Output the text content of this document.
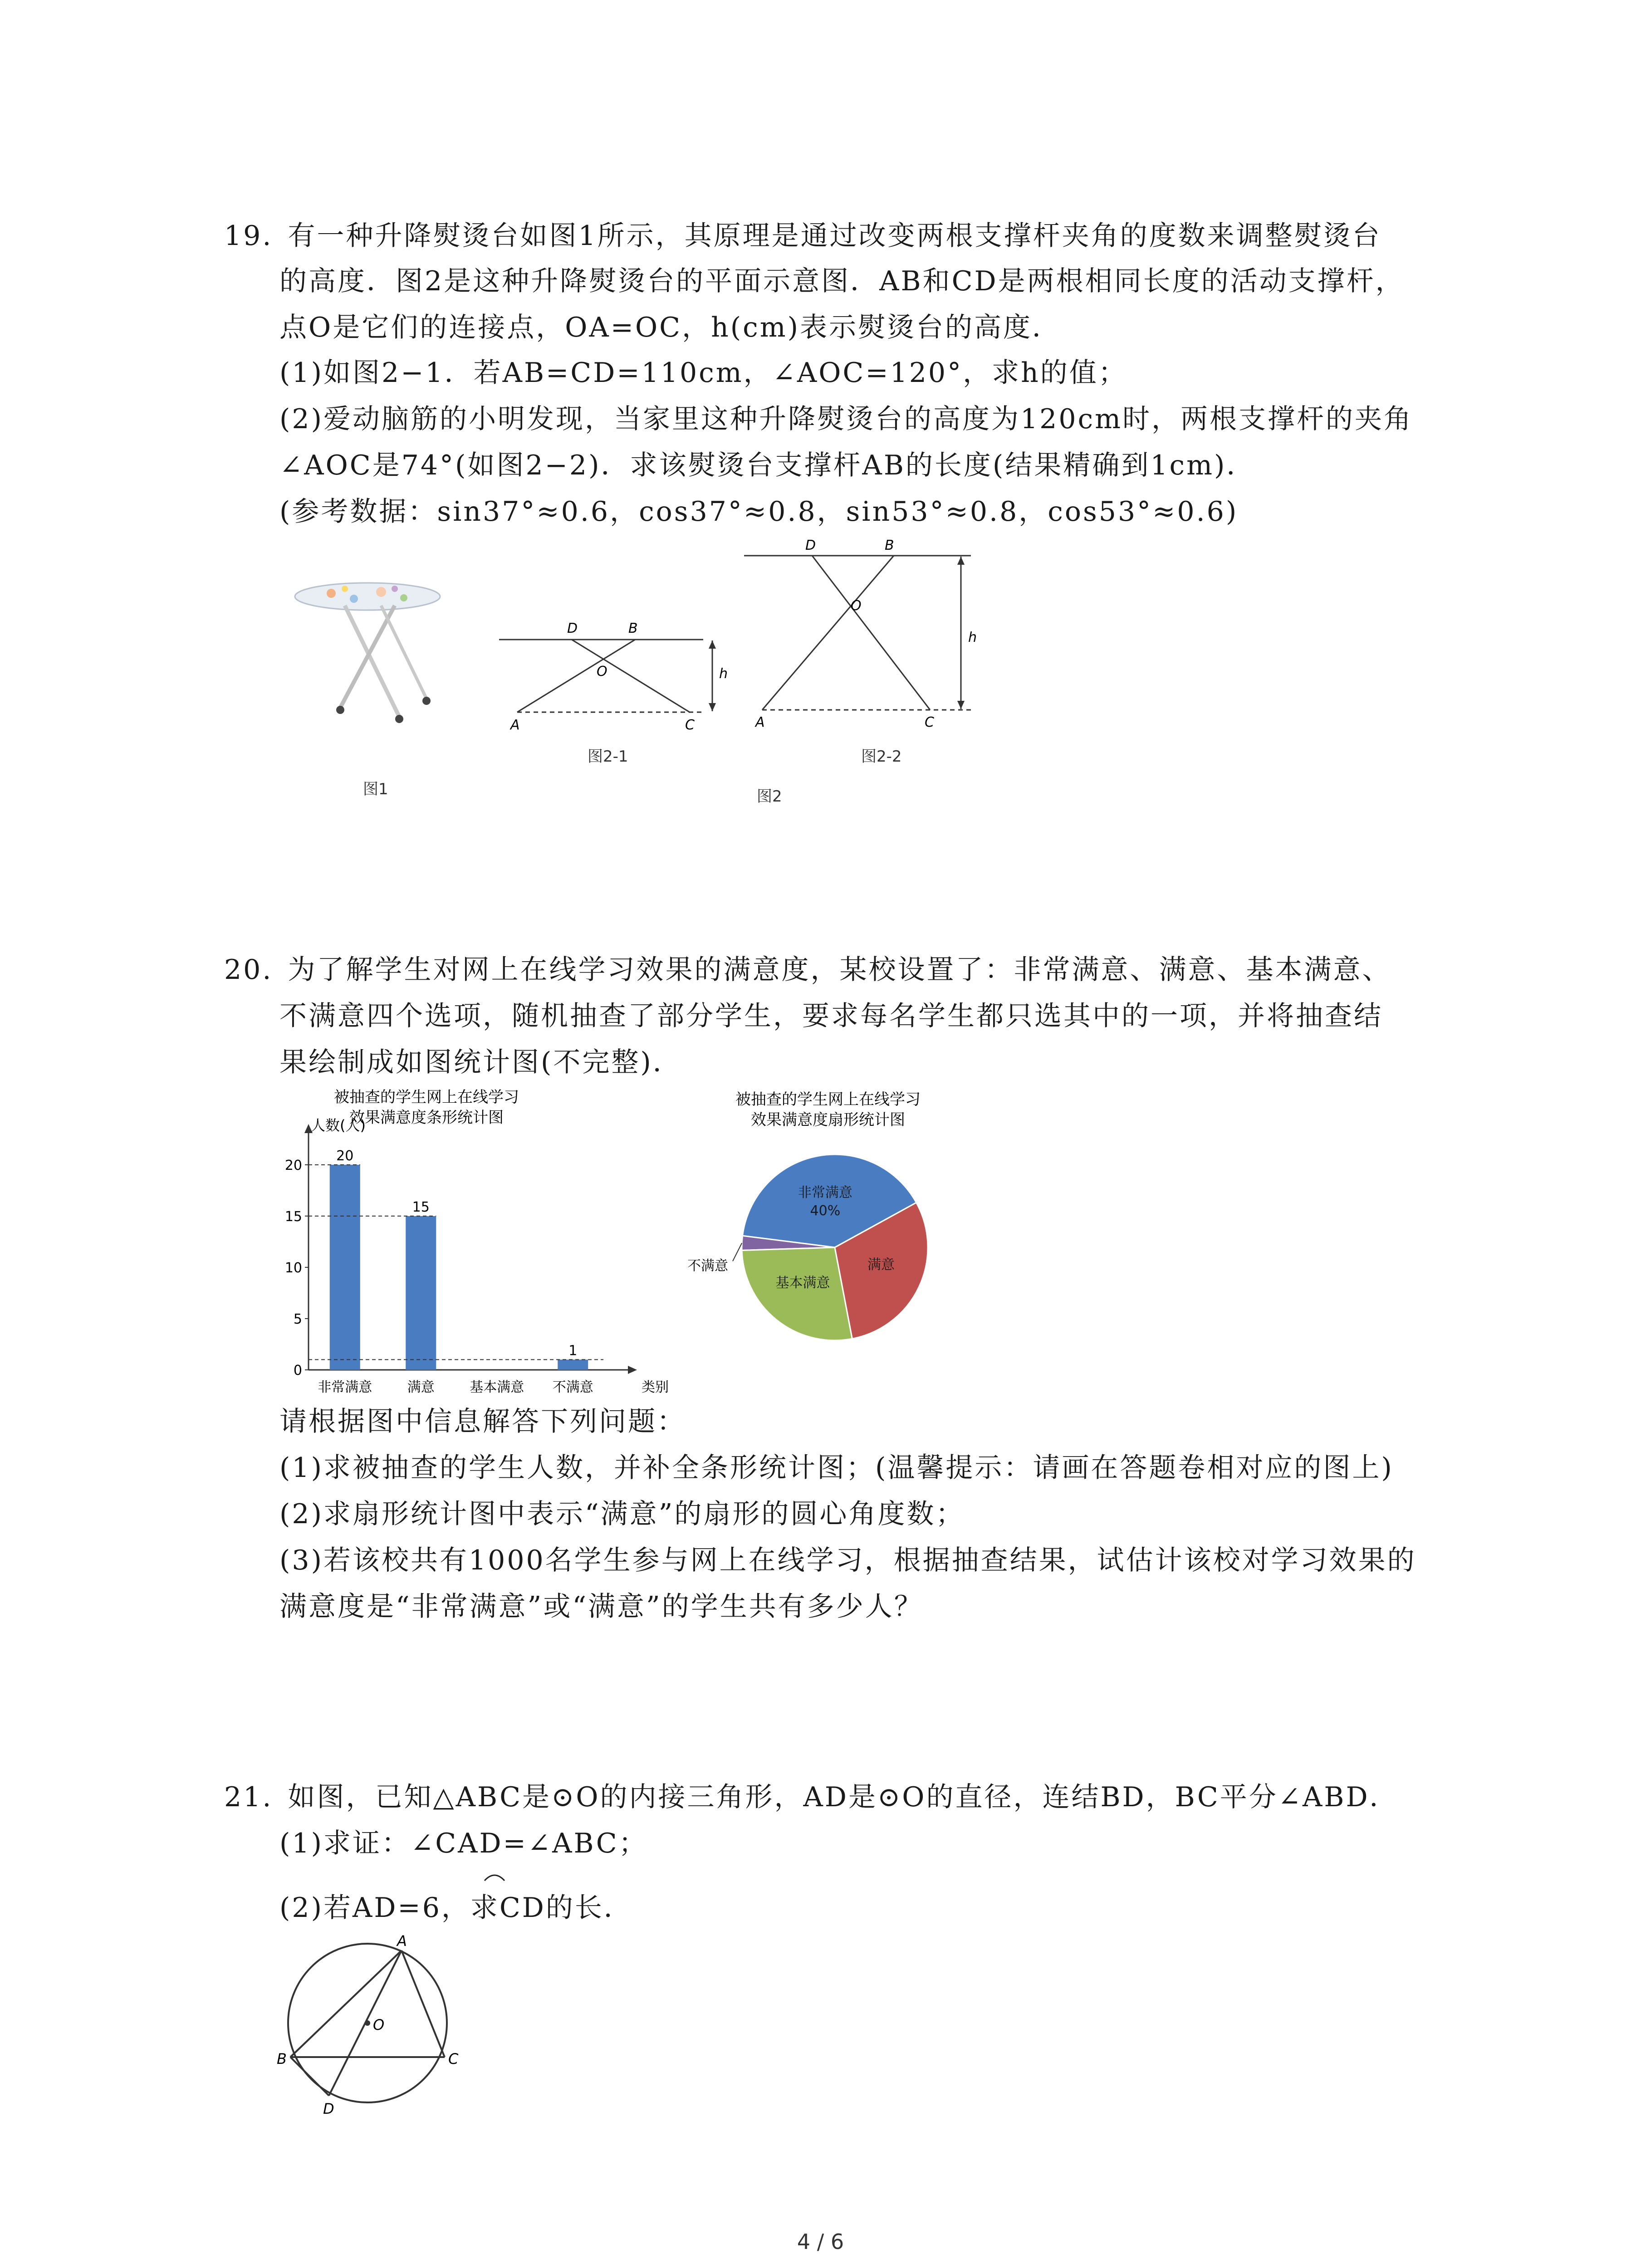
19. 有一种升降熨烫台如图1所示，其原理是通过改变两根支撑杆夹角的度数来调整熨烫台
的高度．图2是这种升降熨烫台的平面示意图．AB和CD是两根相同长度的活动支撑杆，
点O是它们的连接点，OA=OC，h(cm)表示熨烫台的高度．
(1)如图2−1．若AB=CD=110cm，∠AOC=120°，求h的值；
(2)爱动脑筋的小明发现，当家里这种升降熨烫台的高度为120cm时，两根支撑杆的夹角
∠AOC是74°(如图2−2)．求该熨烫台支撑杆AB的长度(结果精确到1cm)．
(参考数据：sin37°≈0.6，cos37°≈0.8，sin53°≈0.8，cos53°≈0.6)
图1
D	B
O
A	C
h
图2-1
D	B
O
A	C
h
图2-2
图2
20. 为了解学生对网上在线学习效果的满意度，某校设置了：非常满意、满意、基本满意、
不满意四个选项，随机抽查了部分学生，要求每名学生都只选其中的一项，并将抽查结
果绘制成如图统计图(不完整)．
被抽查的学生网上在线学习
效果满意度条形统计图
人数(人)
类别
0
5
10
15
20
20
非常满意
15
满意	基本满意
1
不满意
被抽查的学生网上在线学习
效果满意度扇形统计图
非常满意
40%
满意
基本满意
不满意
请根据图中信息解答下列问题：
(1)求被抽查的学生人数，并补全条形统计图；(温馨提示：请画在答题卷相对应的图上)
(2)求扇形统计图中表示“满意”的扇形的圆心角度数；
(3)若该校共有1000名学生参与网上在线学习，根据抽查结果，试估计该校对学习效果的
满意度是“非常满意”或“满意”的学生共有多少人？
21. 如图，已知△ABC是⊙O的内接三角形，AD是⊙O的直径，连结BD，BC平分∠ABD．
(1)求证：∠CAD=∠ABC；
(2)若AD=6，求CD的长．
A
O
B	C
D
4 / 6
